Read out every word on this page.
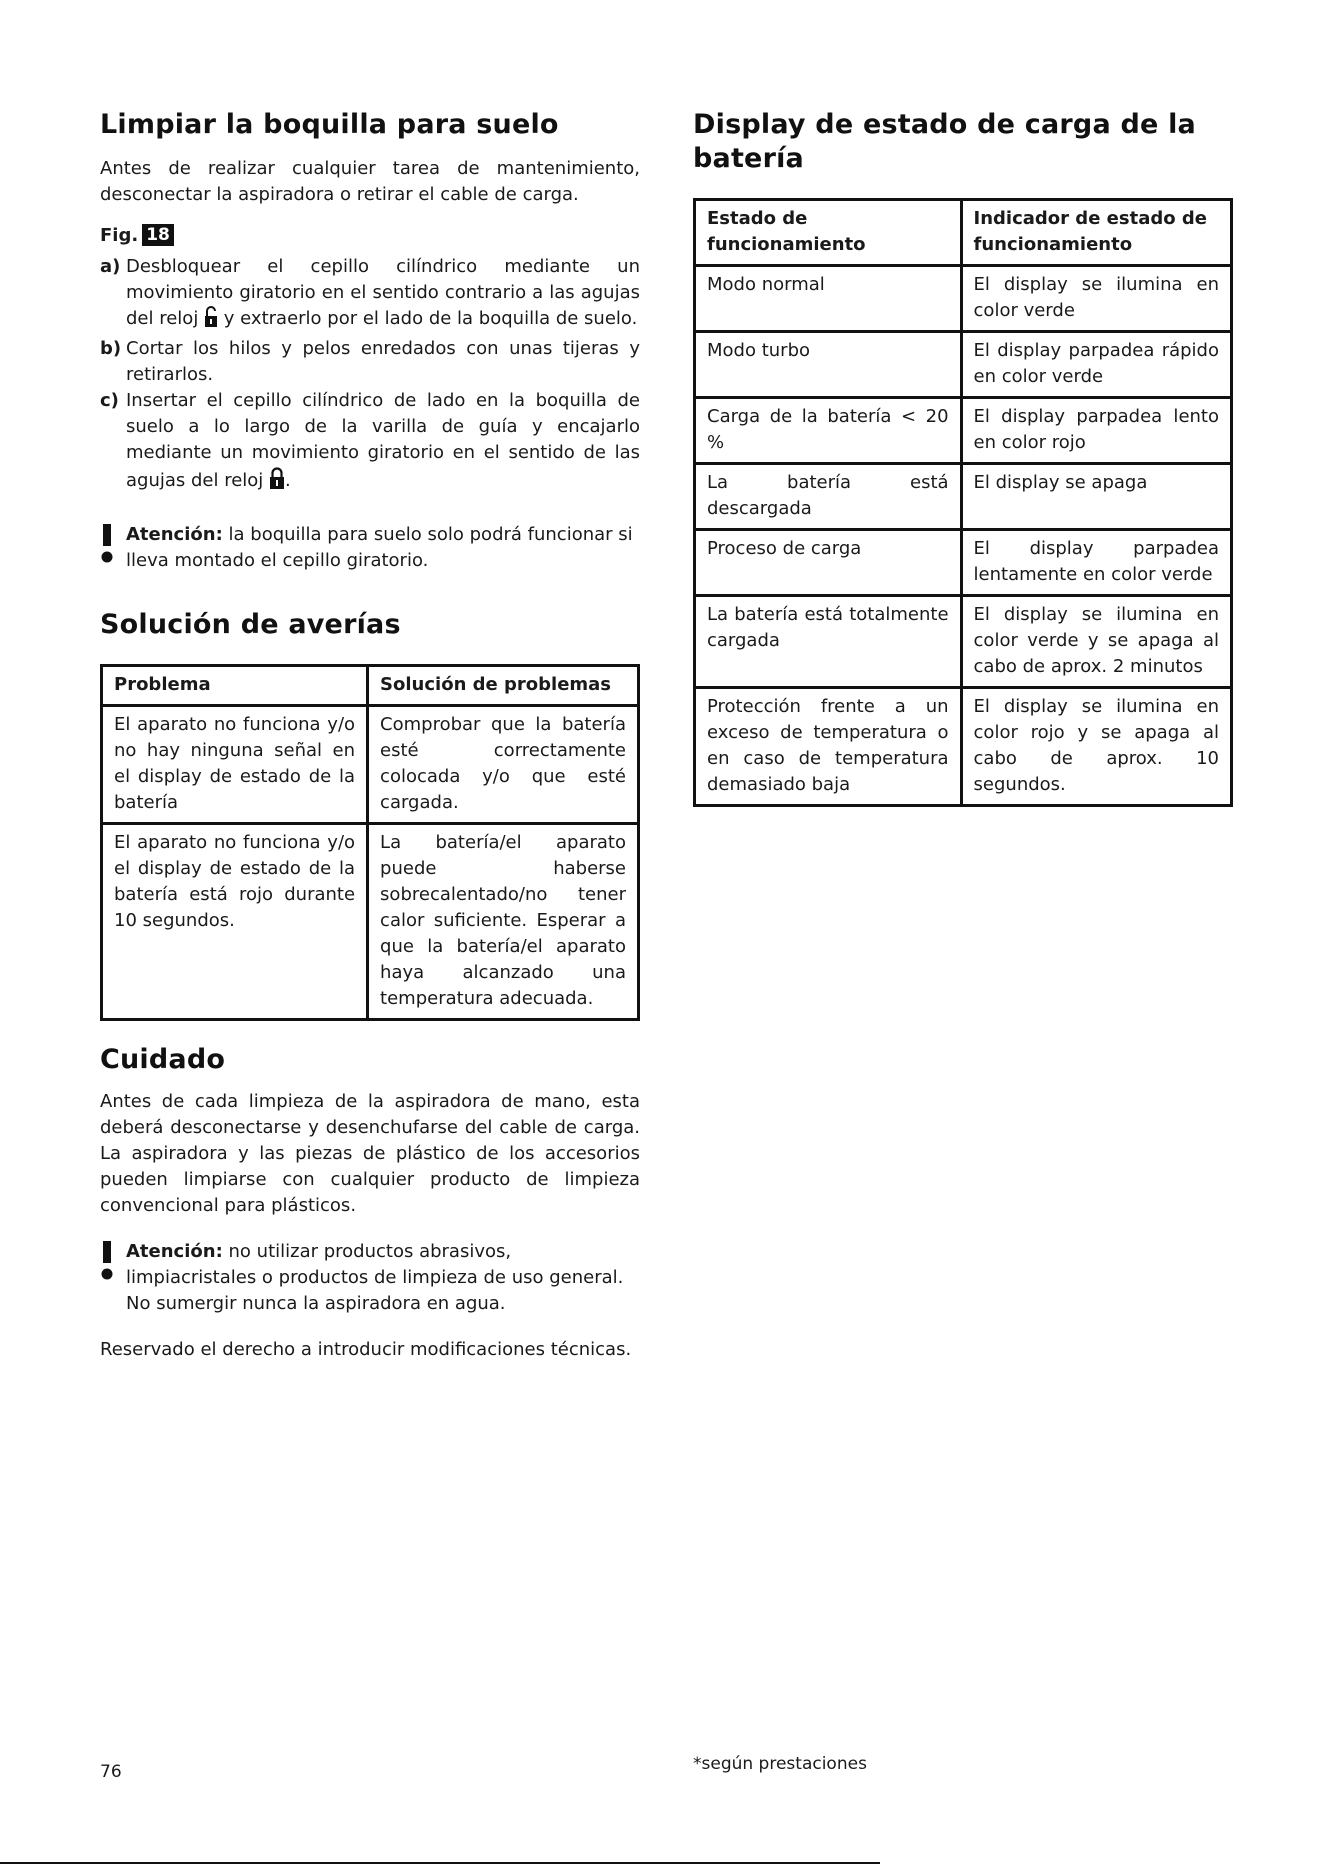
Limpiar la boquilla para suelo

Antes de realizar cualquier tarea de mantenimiento, desconectar la aspiradora o retirar el cable de carga.

Fig. 18
a) Desbloquear el cepillo cilíndrico mediante un movimiento giratorio en el sentido contrario a las agujas del reloj y extraerlo por el lado de la boquilla de suelo.
b) Cortar los hilos y pelos enredados con unas tijeras y retirarlos.
c) Insertar el cepillo cilíndrico de lado en la boquilla de suelo a lo largo de la varilla de guía y encajarlo mediante un movimiento giratorio en el sentido de las agujas del reloj .
Atención: la boquilla para suelo solo podrá funcionar si lleva montado el cepillo giratorio.
Solución de averías
Problema	Solución de problemas
El aparato no funciona y/o no hay ninguna señal en el display de estado de la batería	Comprobar que la batería esté correctamente colocada y/o que esté cargada.
El aparato no funciona y/o el display de estado de la batería está rojo durante 10 segundos.	La batería/el aparato puede haberse sobrecalentado/no tener calor suficiente. Esperar a que la batería/el aparato haya alcanzado una temperatura adecuada.
Cuidado

Antes de cada limpieza de la aspiradora de mano, esta deberá desconectarse y desenchufarse del cable de carga. La aspiradora y las piezas de plástico de los accesorios pueden limpiarse con cualquier producto de limpieza convencional para plásticos.

Atención: no utilizar productos abrasivos, limpiacristales o productos de limpieza de uso general. No sumergir nunca la aspiradora en agua.

Reservado el derecho a introducir modificaciones técnicas.

Display de estado de carga de la batería
Estado de funcionamiento	Indicador de estado de funcionamiento
Modo normal	El display se ilumina en color verde
Modo turbo	El display parpadea rápido en color verde
Carga de la batería < 20 %	El display parpadea lento en color rojo
La batería está descargada	El display se apaga
Proceso de carga	El display parpadea lentamente en color verde
La batería está totalmente cargada	El display se ilumina en color verde y se apaga al cabo de aprox. 2 minutos
Protección frente a un exceso de temperatura o en caso de temperatura demasiado baja	El display se ilumina en color rojo y se apaga al cabo de aprox. 10 segundos.
76	*según prestaciones
